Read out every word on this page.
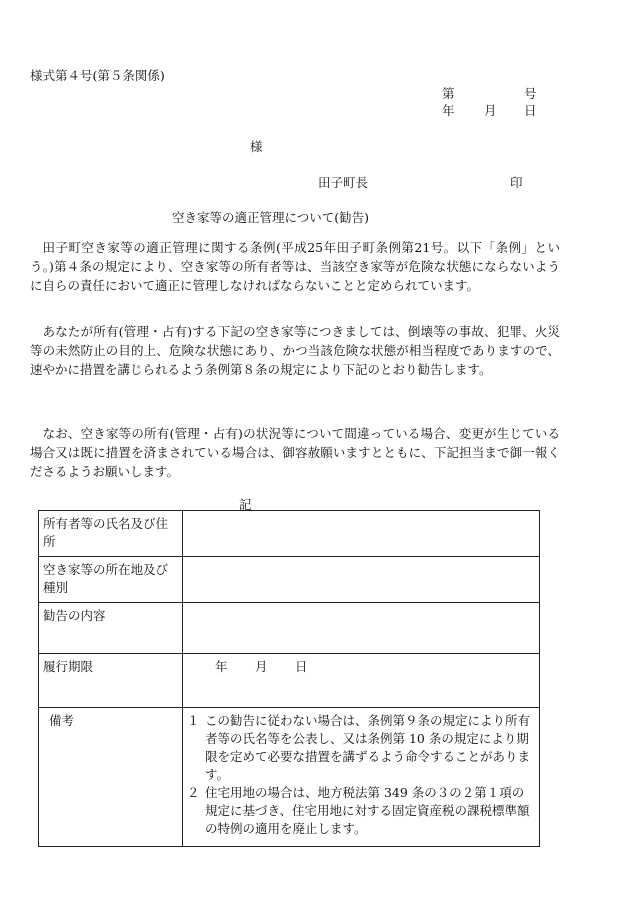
様式第４号(第５条関係)
第	号
年 月 日
様
田子町長	印
空き家等の適正管理について(勧告)

田子町空き家等の適正管理に関する条例(平成25年田子町条例第21号。以下「条例」という。)第４条の規定により、空き家等の所有者等は、当該空き家等が危険な状態にならないように自らの責任において適正に管理しなければならないことと定められています。

あなたが所有(管理・占有)する下記の空き家等につきましては、倒壊等の事故、犯罪、火災等の未然防止の目的上、危険な状態にあり、かつ当該危険な状態が相当程度でありますので、速やかに措置を講じられるよう条例第８条の規定により下記のとおり勧告します。

なお、空き家等の所有(管理・占有)の状況等について間違っている場合、変更が生じている場合又は既に措置を済まされている場合は、御容赦願いますとともに、下記担当まで御一報くださるようお願いします。

記
所有者等の氏名及び住所	
空き家等の所在地及び種別	
勧告の内容	
履行期限	年 月 日
備考	１ この勧告に従わない場合は、条例第９条の規定により所有者等の氏名等を公表し、又は条例第 10 条の規定により期限を定めて必要な措置を講ずるよう命令することがあります。
２ 住宅用地の場合は、地方税法第 349 条の３の２第１項の規定に基づき、住宅用地に対する固定資産税の課税標準額の特例の適用を廃止します。
